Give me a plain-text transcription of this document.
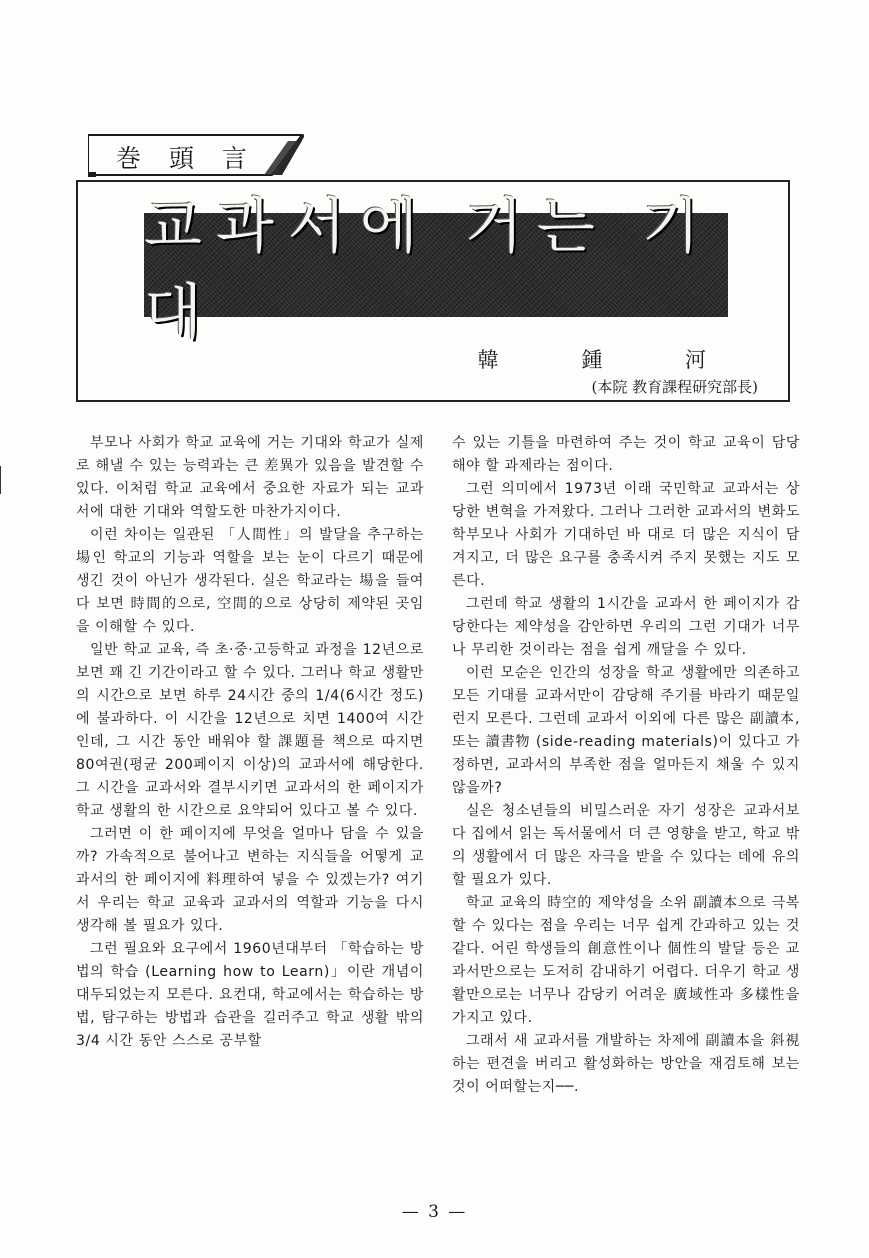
巻 頭 言
교과서에 거는 기대
韓 鍾 河
(本院 教育課程研究部長)

부모나 사회가 학교 교육에 거는 기대와 학교가 실제로 해낼 수 있는 능력과는 큰 差異가 있음을 발견할 수 있다. 이처럼 학교 교육에서 중요한 자료가 되는 교과서에 대한 기대와 역할도한 마찬가지이다.

이런 차이는 일관된 「人間性」의 발달을 추구하는 場인 학교의 기능과 역할을 보는 눈이 다르기 때문에 생긴 것이 아닌가 생각된다. 실은 학교라는 場을 들여다 보면 時間的으로, 空間的으로 상당히 제약된 곳임을 이해할 수 있다.

일반 학교 교육, 즉 초·중·고등학교 과정을 12년으로 보면 꽤 긴 기간이라고 할 수 있다. 그러나 학교 생활만의 시간으로 보면 하루 24시간 중의 1/4(6시간 정도)에 불과하다. 이 시간을 12년으로 치면 1400여 시간인데, 그 시간 동안 배워야 할 課題를 책으로 따지면 80여권(평균 200페이지 이상)의 교과서에 해당한다. 그 시간을 교과서와 결부시키면 교과서의 한 페이지가 학교 생활의 한 시간으로 요약되어 있다고 볼 수 있다.

그러면 이 한 페이지에 무엇을 얼마나 담을 수 있을까? 가속적으로 불어나고 변하는 지식들을 어떻게 교과서의 한 페이지에 料理하여 넣을 수 있겠는가? 여기서 우리는 학교 교육과 교과서의 역할과 기능을 다시 생각해 볼 필요가 있다.

그런 필요와 요구에서 1960년대부터 「학습하는 방법의 학습 (Learning how to Learn)」이란 개념이 대두되었는지 모른다. 요컨대, 학교에서는 학습하는 방법, 탐구하는 방법과 습관을 길러주고 학교 생활 밖의 3/4 시간 동안 스스로 공부할

수 있는 기틀을 마련하여 주는 것이 학교 교육이 담당해야 할 과제라는 점이다.

그런 의미에서 1973년 이래 국민학교 교과서는 상당한 변혁을 가져왔다. 그러나 그러한 교과서의 변화도 학부모나 사회가 기대하던 바 대로 더 많은 지식이 담겨지고, 더 많은 요구를 충족시켜 주지 못했는 지도 모른다.

그런데 학교 생활의 1시간을 교과서 한 페이지가 감당한다는 제약성을 감안하면 우리의 그런 기대가 너무나 무리한 것이라는 점을 쉽게 깨달을 수 있다.

이런 모순은 인간의 성장을 학교 생활에만 의존하고 모든 기대를 교과서만이 감당해 주기를 바라기 때문일런지 모른다. 그런데 교과서 이외에 다른 많은 副讀本, 또는 讀書物 (side-reading materials)이 있다고 가정하면, 교과서의 부족한 점을 얼마든지 채울 수 있지 않을까?

실은 청소년들의 비밀스러운 자기 성장은 교과서보다 집에서 읽는 독서물에서 더 큰 영향을 받고, 학교 밖의 생활에서 더 많은 자극을 받을 수 있다는 데에 유의할 필요가 있다.

학교 교육의 時空的 제약성을 소위 副讀本으로 극복할 수 있다는 점을 우리는 너무 쉽게 간과하고 있는 것 같다. 어린 학생들의 創意性이나 個性의 발달 등은 교과서만으로는 도저히 감내하기 어렵다. 더우기 학교 생활만으로는 너무나 감당키 어려운 廣域性과 多樣性을 가지고 있다.

그래서 새 교과서를 개발하는 차제에 副讀本을 斜視하는 편견을 버리고 활성화하는 방안을 재검토해 보는 것이 어떠할는지──.

— 3 —
